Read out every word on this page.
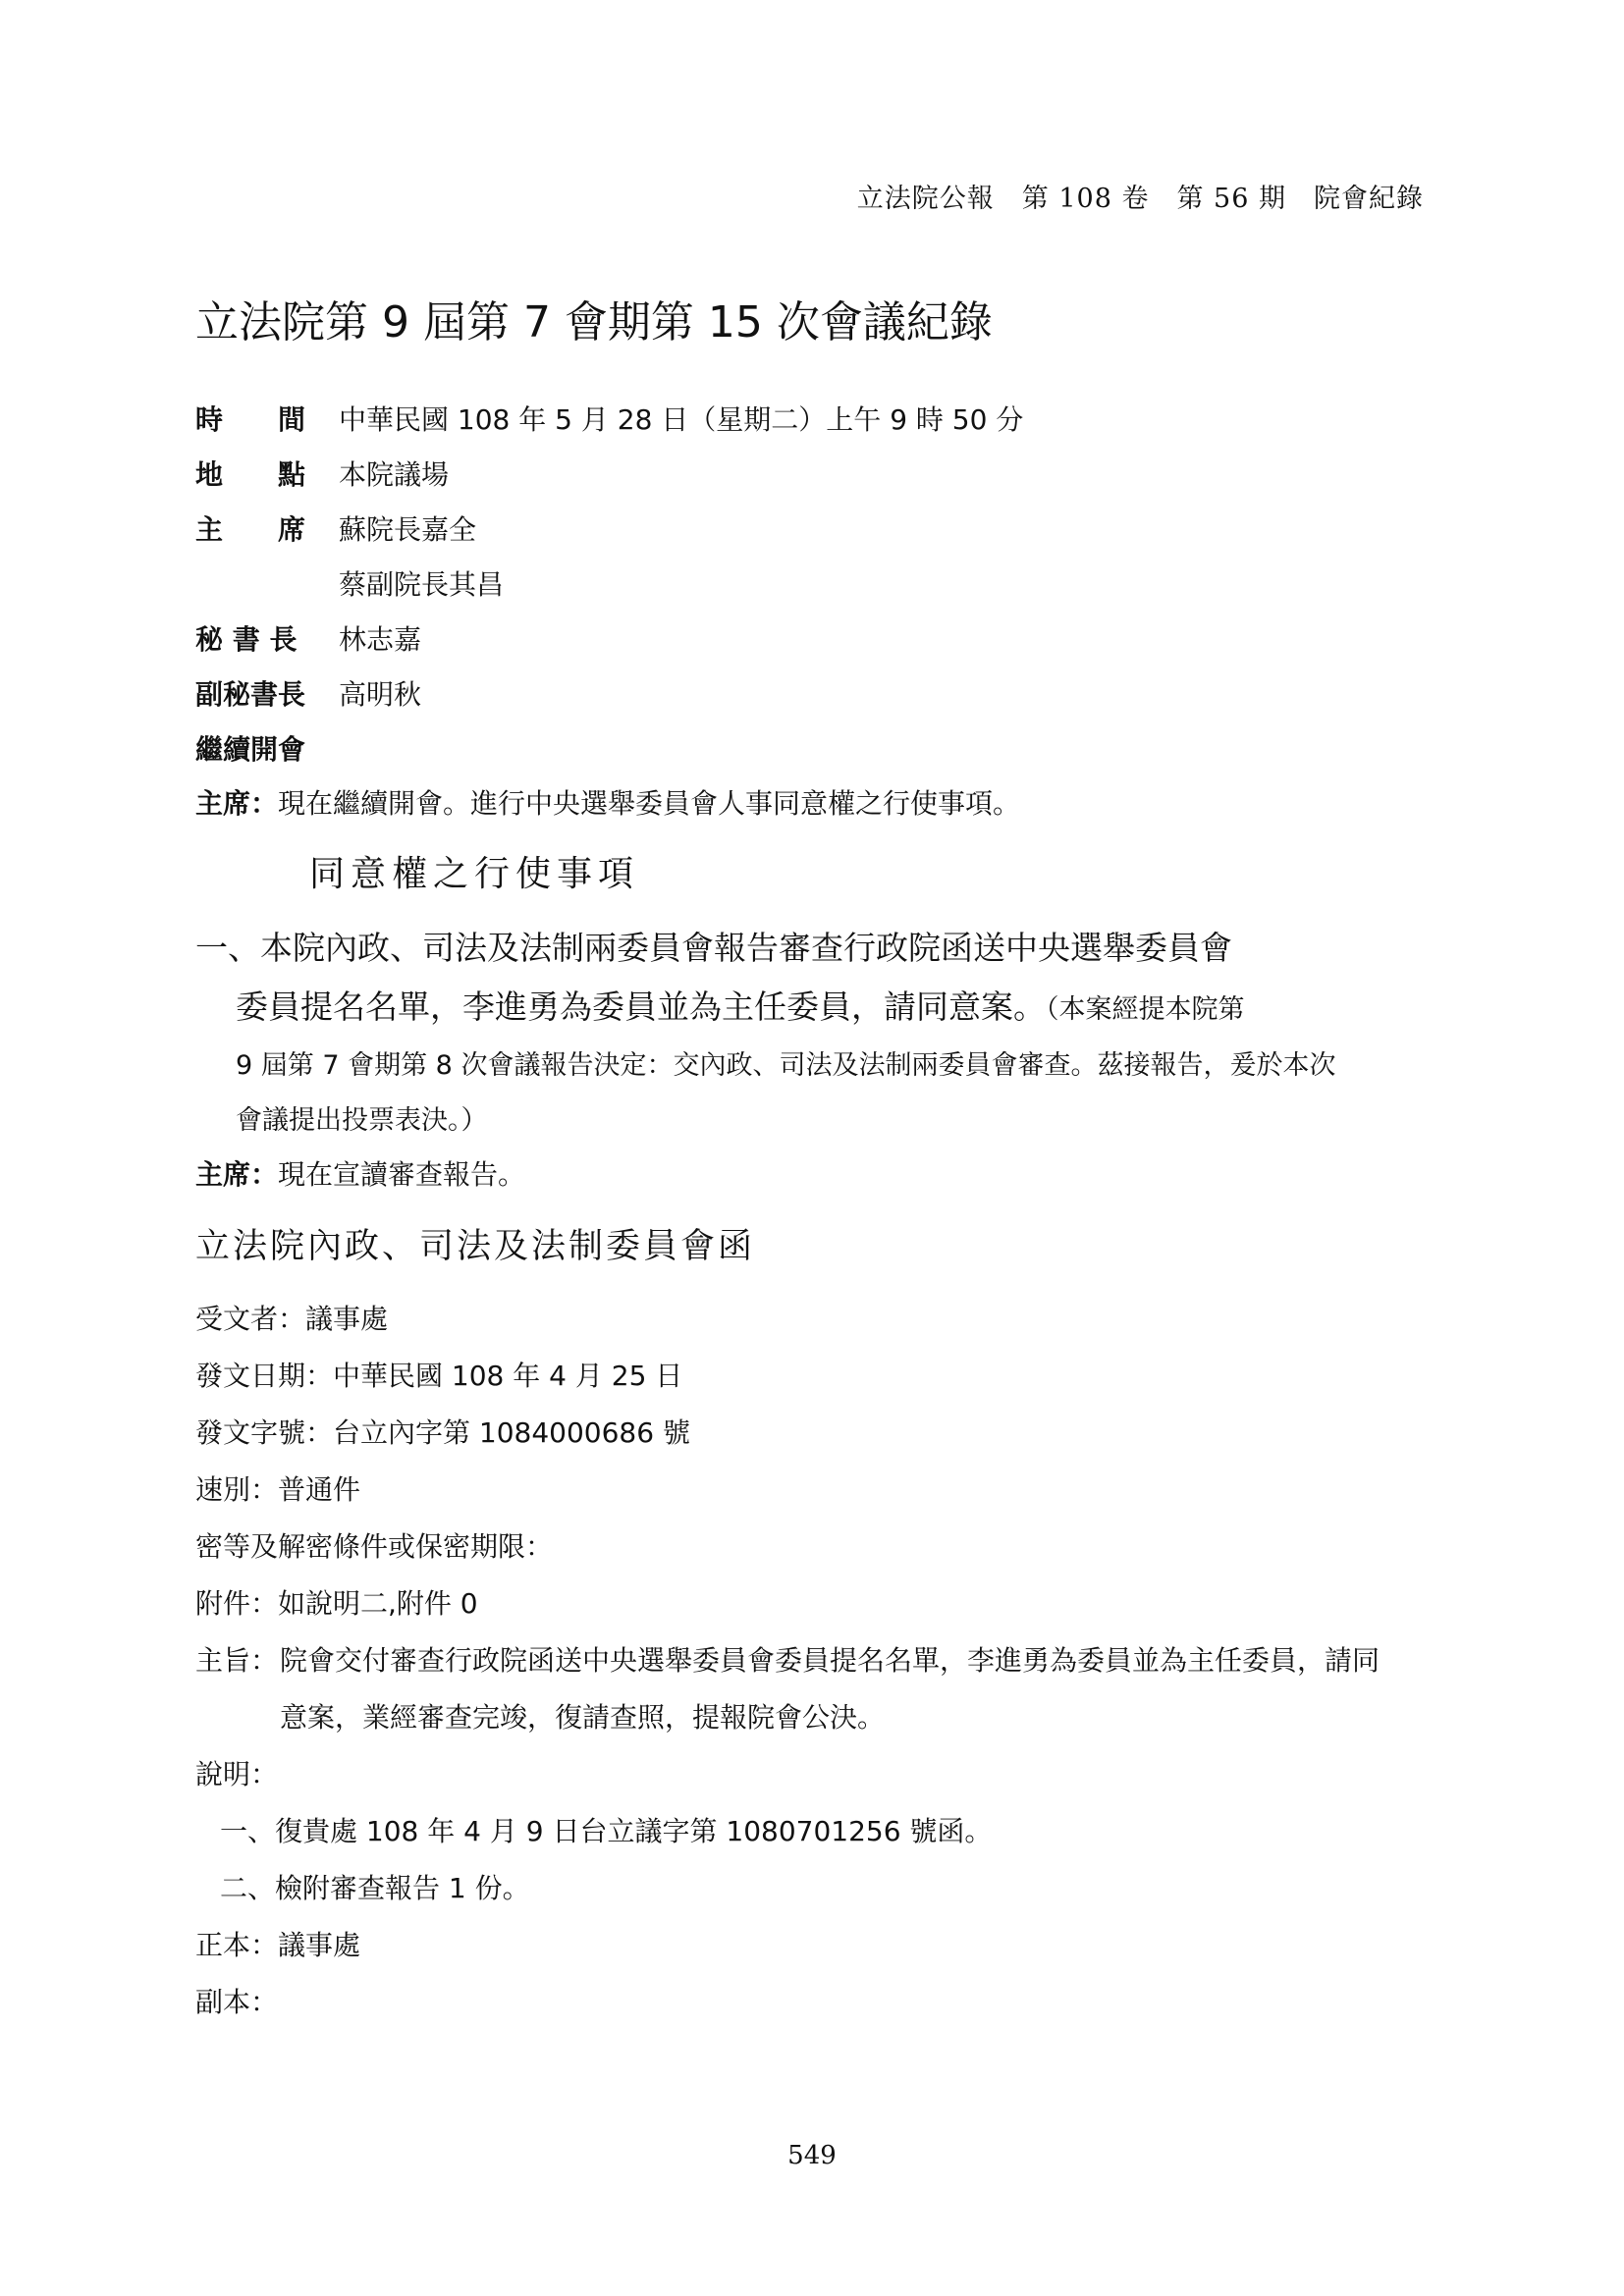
立法院公報　第 108 卷　第 56 期　院會紀錄
立法院第 9 屆第 7 會期第 15 次會議紀錄
時　　間 中華民國 108 年 5 月 28 日（星期二）上午 9 時 50 分
地　　點 本院議場
主　　席 蘇院長嘉全
蔡副院長其昌
秘 書 長 林志嘉
副秘書長 高明秋
繼續開會
主席：現在繼續開會。進行中央選舉委員會人事同意權之行使事項。
同意權之行使事項
一、本院內政、司法及法制兩委員會報告審查行政院函送中央選舉委員會
委員提名名單，李進勇為委員並為主任委員，請同意案。（本案經提本院第
9 屆第 7 會期第 8 次會議報告決定：交內政、司法及法制兩委員會審查。茲接報告，爰於本次
會議提出投票表決。）
主席：現在宣讀審查報告。
立法院內政、司法及法制委員會函
受文者：議事處
發文日期：中華民國 108 年 4 月 25 日
發文字號：台立內字第 1084000686 號
速別：普通件
密等及解密條件或保密期限：
附件：如說明二,附件 0
主旨： 院會交付審查行政院函送中央選舉委員會委員提名名單，李進勇為委員並為主任委員，請同
意案，業經審查完竣，復請查照，提報院會公決。
說明：
一、復貴處 108 年 4 月 9 日台立議字第 1080701256 號函。
二、檢附審查報告 1 份。
正本：議事處
副本：
549
